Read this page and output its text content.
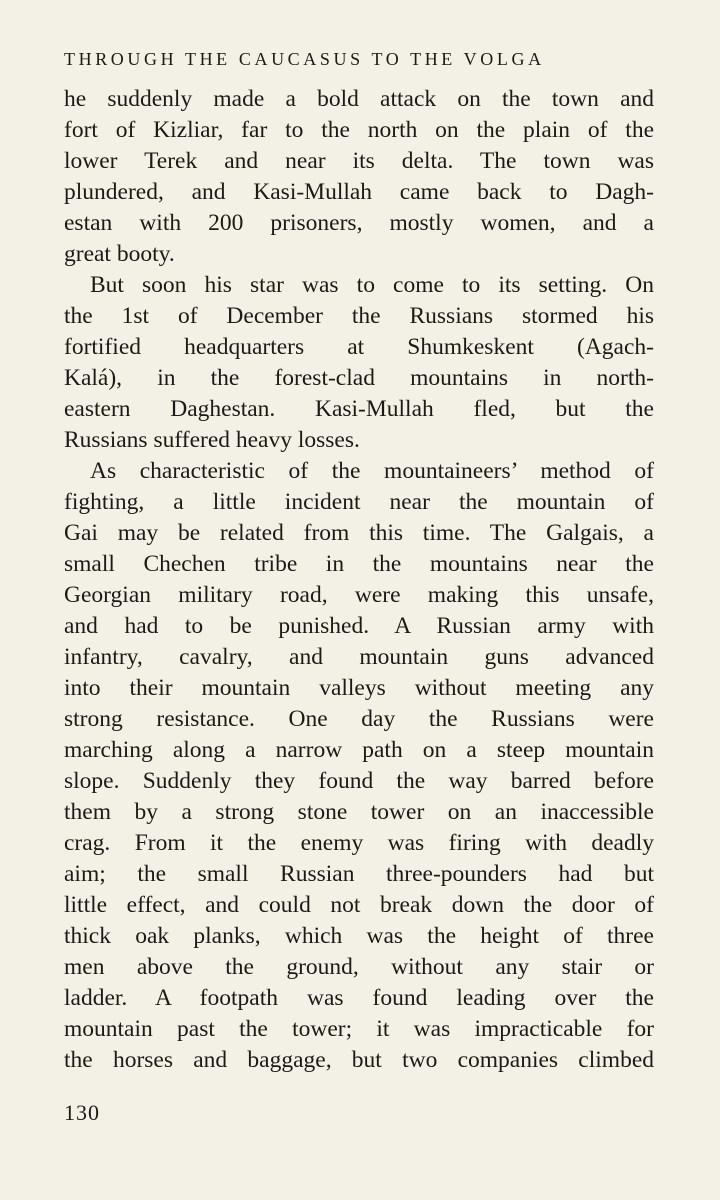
THROUGH THE CAUCASUS TO THE VOLGA
he suddenly made a bold attack on the town and
fort of Kizliar, far to the north on the plain of the
lower Terek and near its delta. The town was
plundered, and Kasi-Mullah came back to Dagh-
estan with 200 prisoners, mostly women, and a
great booty.
But soon his star was to come to its setting. On
the 1st of December the Russians stormed his
fortified headquarters at Shumkeskent (Agach-
Kalá), in the forest-clad mountains in north-
eastern Daghestan. Kasi-Mullah fled, but the
Russians suffered heavy losses.
As characteristic of the mountaineers’ method of
fighting, a little incident near the mountain of
Gai may be related from this time. The Galgais, a
small Chechen tribe in the mountains near the
Georgian military road, were making this unsafe,
and had to be punished. A Russian army with
infantry, cavalry, and mountain guns advanced
into their mountain valleys without meeting any
strong resistance. One day the Russians were
marching along a narrow path on a steep mountain
slope. Suddenly they found the way barred before
them by a strong stone tower on an inaccessible
crag. From it the enemy was firing with deadly
aim; the small Russian three-pounders had but
little effect, and could not break down the door of
thick oak planks, which was the height of three
men above the ground, without any stair or
ladder. A footpath was found leading over the
mountain past the tower; it was impracticable for
the horses and baggage, but two companies climbed
130
